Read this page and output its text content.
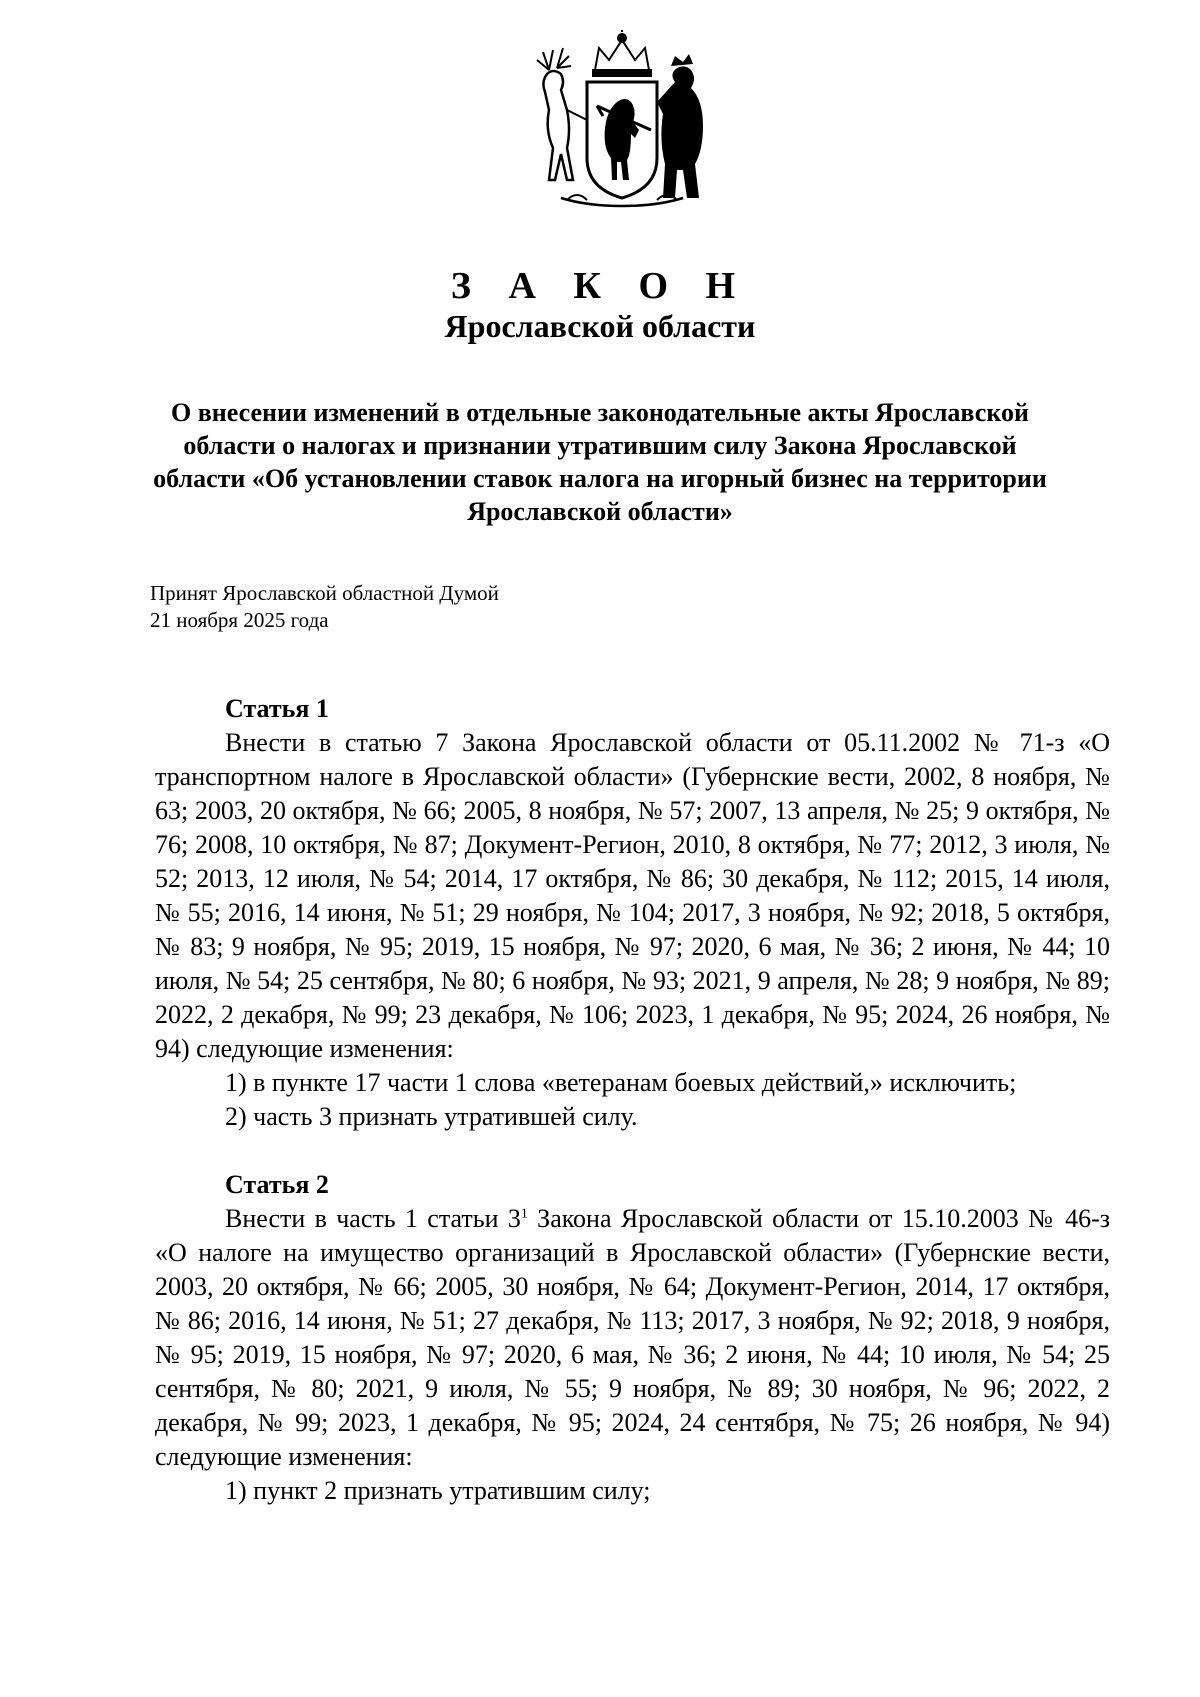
З А К О Н
Ярославской области
О внесении изменений в отдельные законодательные акты Ярославской области о налогах и признании утратившим силу Закона Ярославской области «Об установлении ставок налога на игорный бизнес на территории Ярославской области»
Принят Ярославской областной Думой
21 ноября 2025 года

Статья 1

Внести в статью 7 Закона Ярославской области от 05.11.2002 № 71-з «О транспортном налоге в Ярославской области» (Губернские вести, 2002, 8 ноября, № 63; 2003, 20 октября, № 66; 2005, 8 ноября, № 57; 2007, 13 апреля, № 25; 9 октября, № 76; 2008, 10 октября, № 87; Документ-Регион, 2010, 8 октября, № 77; 2012, 3 июля, № 52; 2013, 12 июля, № 54; 2014, 17 октября, № 86; 30 декабря, № 112; 2015, 14 июля, № 55; 2016, 14 июня, № 51; 29 ноября, № 104; 2017, 3 ноября, № 92; 2018, 5 октября, № 83; 9 ноября, № 95; 2019, 15 ноября, № 97; 2020, 6 мая, № 36; 2 июня, № 44; 10 июля, № 54; 25 сентября, № 80; 6 ноября, № 93; 2021, 9 апреля, № 28; 9 ноября, № 89; 2022, 2 декабря, № 99; 23 декабря, № 106; 2023, 1 декабря, № 95; 2024, 26 ноября, № 94) следующие изменения:

1) в пункте 17 части 1 слова «ветеранам боевых действий,» исключить;

2) часть 3 признать утратившей силу.

Статья 2

Внести в часть 1 статьи $3^1$ Закона Ярославской области от 15.10.2003 № 46-з «О налоге на имущество организаций в Ярославской области» (Губернские вести, 2003, 20 октября, № 66; 2005, 30 ноября, № 64; Документ-Регион, 2014, 17 октября, № 86; 2016, 14 июня, № 51; 27 декабря, № 113; 2017, 3 ноября, № 92; 2018, 9 ноября, № 95; 2019, 15 ноября, № 97; 2020, 6 мая, № 36; 2 июня, № 44; 10 июля, № 54; 25 сентября, № 80; 2021, 9 июля, № 55; 9 ноября, № 89; 30 ноября, № 96; 2022, 2 декабря, № 99; 2023, 1 декабря, № 95; 2024, 24 сентября, № 75; 26 ноября, № 94) следующие изменения:

1) пункт 2 признать утратившим силу;
